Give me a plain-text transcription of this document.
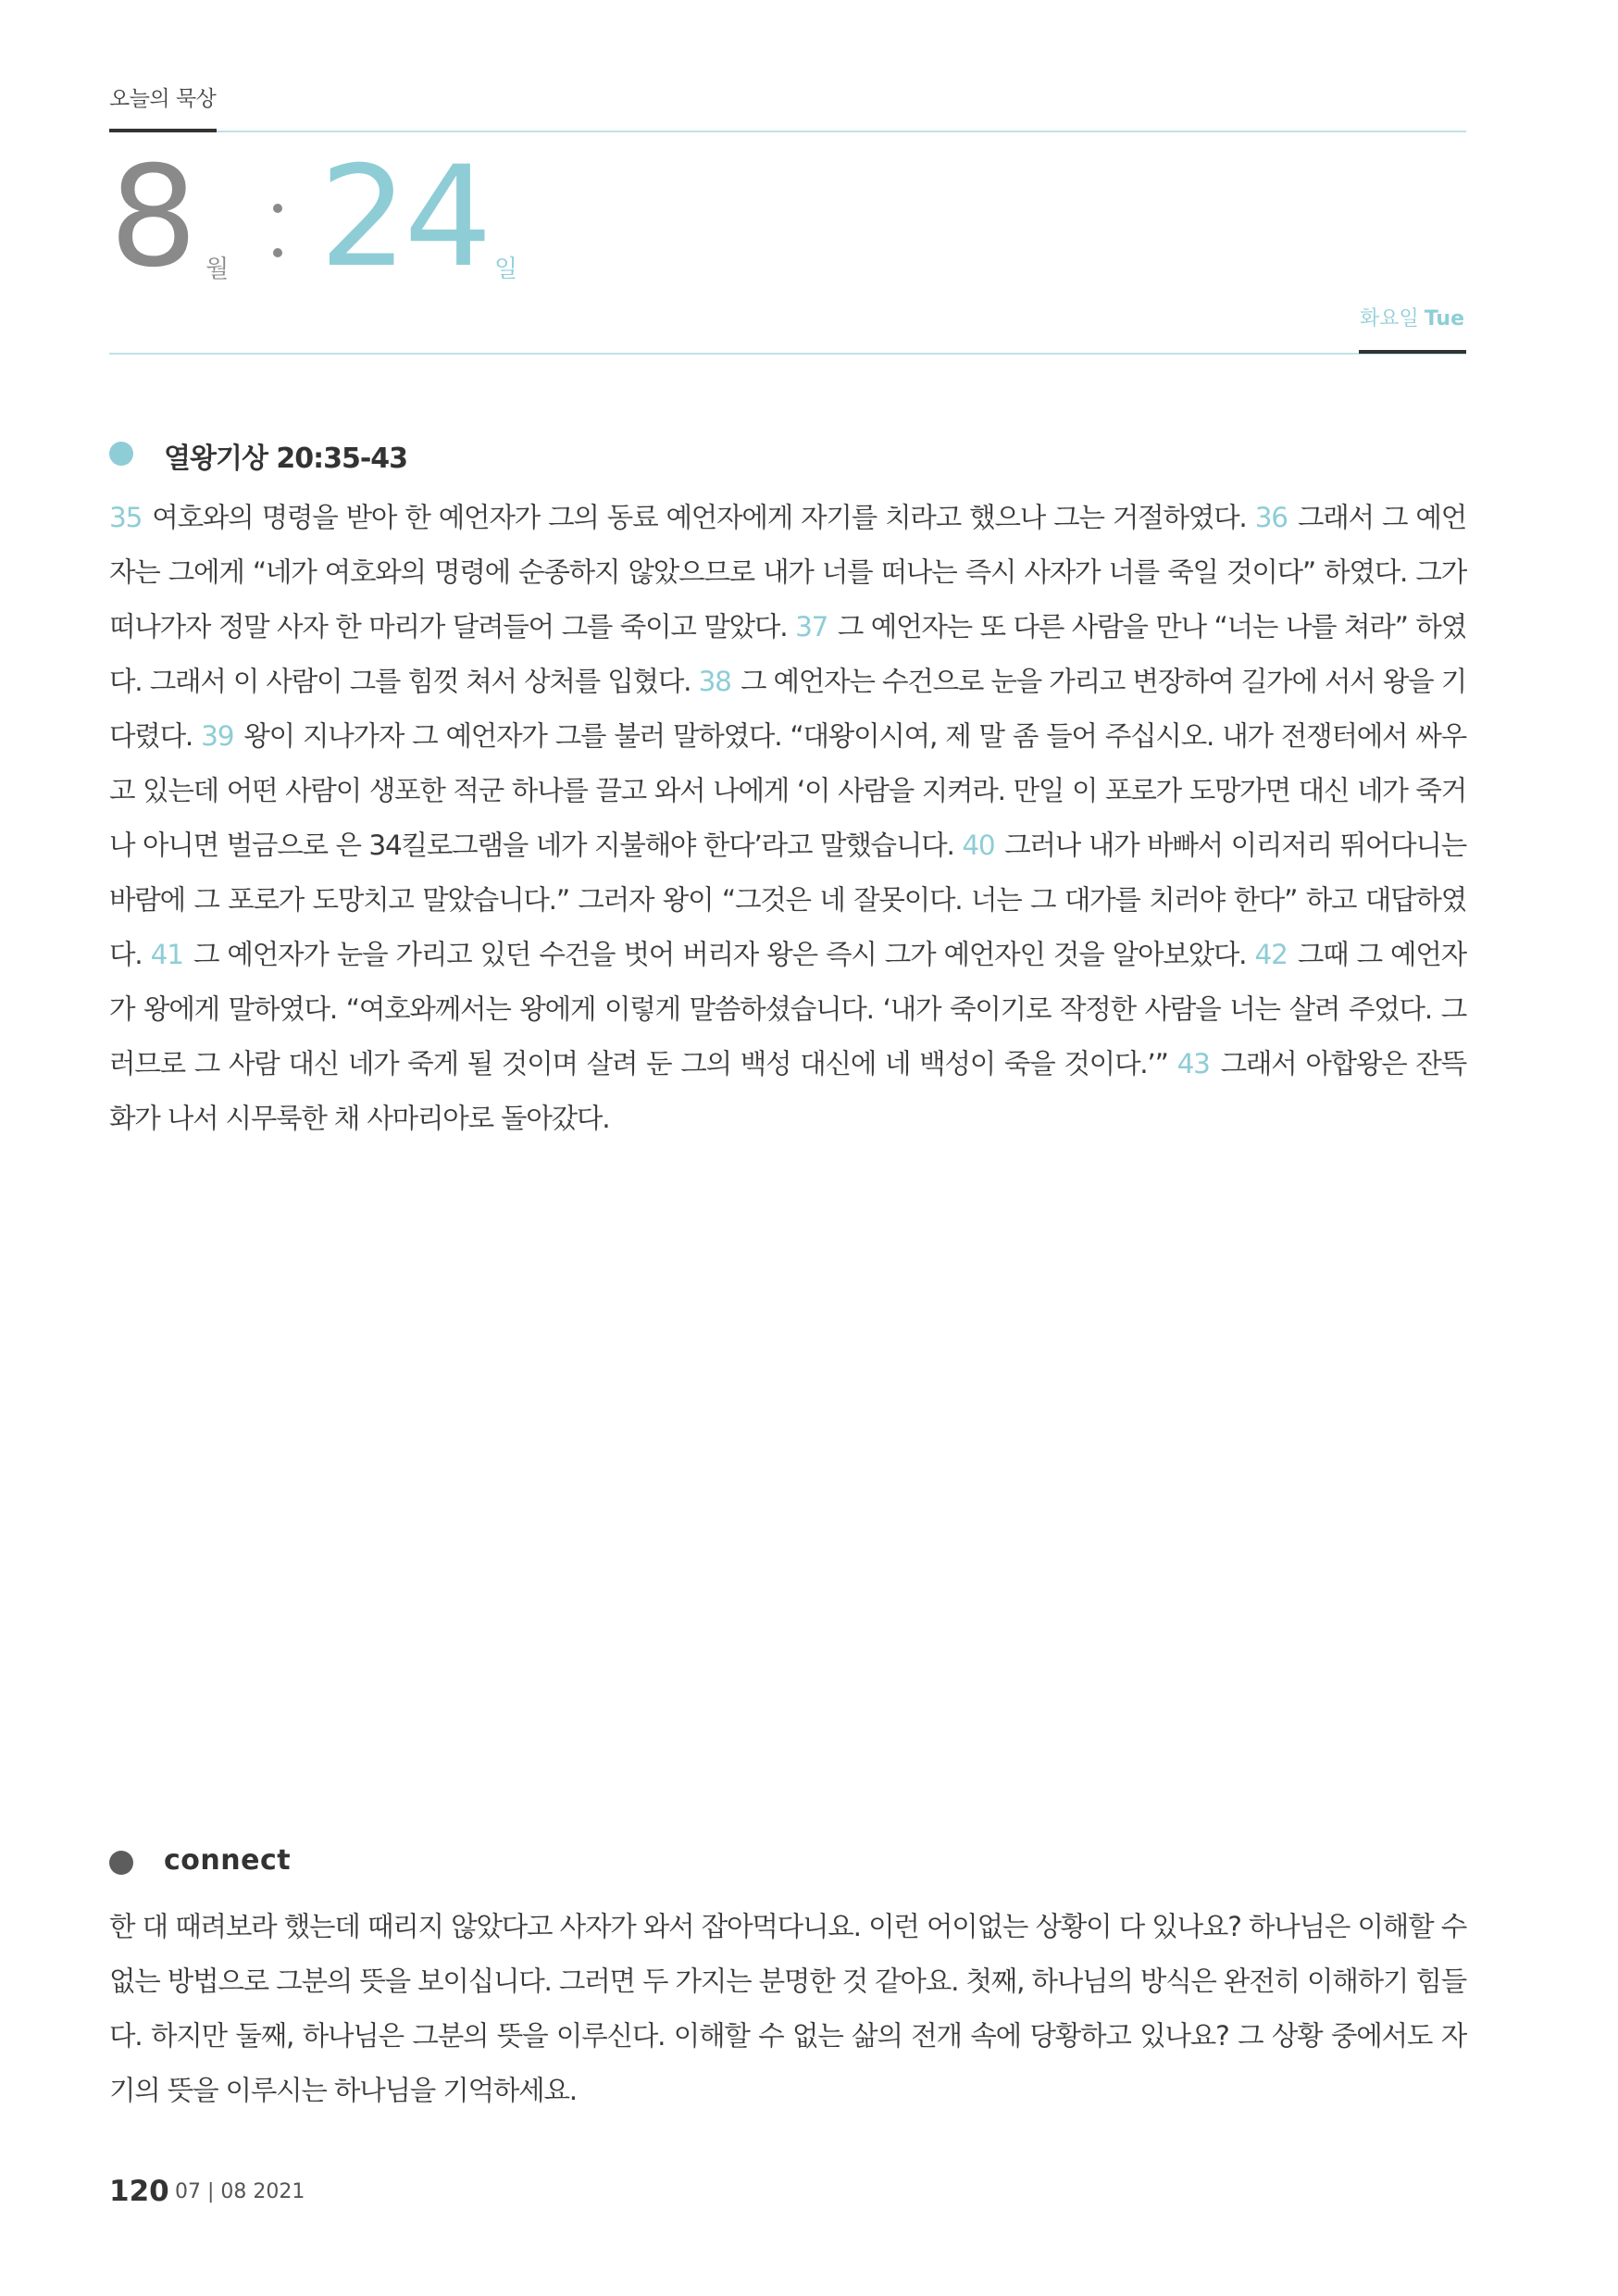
오늘의 묵상
8 월 24 일
화요일 Tue
열왕기상 20:35-43
35 여호와의 명령을 받아 한 예언자가 그의 동료 예언자에게 자기를 치라고 했으나 그는 거절하였다. 36 그래서 그 예언자는 그에게 “네가 여호와의 명령에 순종하지 않았으므로 내가 너를 떠나는 즉시 사자가 너를 죽일 것이다” 하였다. 그가 떠나가자 정말 사자 한 마리가 달려들어 그를 죽이고 말았다. 37 그 예언자는 또 다른 사람을 만나 “너는 나를 쳐라” 하였다. 그래서 이 사람이 그를 힘껏 쳐서 상처를 입혔다. 38 그 예언자는 수건으로 눈을 가리고 변장하여 길가에 서서 왕을 기다렸다. 39 왕이 지나가자 그 예언자가 그를 불러 말하였다. “대왕이시여, 제 말 좀 들어 주십시오. 내가 전쟁터에서 싸우고 있는데 어떤 사람이 생포한 적군 하나를 끌고 와서 나에게 ‘이 사람을 지켜라. 만일 이 포로가 도망가면 대신 네가 죽거나 아니면 벌금으로 은 34킬로그램을 네가 지불해야 한다’라고 말했습니다. 40 그러나 내가 바빠서 이리저리 뛰어다니는 바람에 그 포로가 도망치고 말았습니다.” 그러자 왕이 “그것은 네 잘못이다. 너는 그 대가를 치러야 한다” 하고 대답하였다. 41 그 예언자가 눈을 가리고 있던 수건을 벗어 버리자 왕은 즉시 그가 예언자인 것을 알아보았다. 42 그때 그 예언자가 왕에게 말하였다. “여호와께서는 왕에게 이렇게 말씀하셨습니다. ‘내가 죽이기로 작정한 사람을 너는 살려 주었다. 그러므로 그 사람 대신 네가 죽게 될 것이며 살려 둔 그의 백성 대신에 네 백성이 죽을 것이다.’” 43 그래서 아합왕은 잔뜩 화가 나서 시무룩한 채 사마리아로 돌아갔다.
connect
한 대 때려보라 했는데 때리지 않았다고 사자가 와서 잡아먹다니요. 이런 어이없는 상황이 다 있나요? 하나님은 이해할 수 없는 방법으로 그분의 뜻을 보이십니다. 그러면 두 가지는 분명한 것 같아요. 첫째, 하나님의 방식은 완전히 이해하기 힘들다. 하지만 둘째, 하나님은 그분의 뜻을 이루신다. 이해할 수 없는 삶의 전개 속에 당황하고 있나요? 그 상황 중에서도 자기의 뜻을 이루시는 하나님을 기억하세요.
120 07 | 08 2021
